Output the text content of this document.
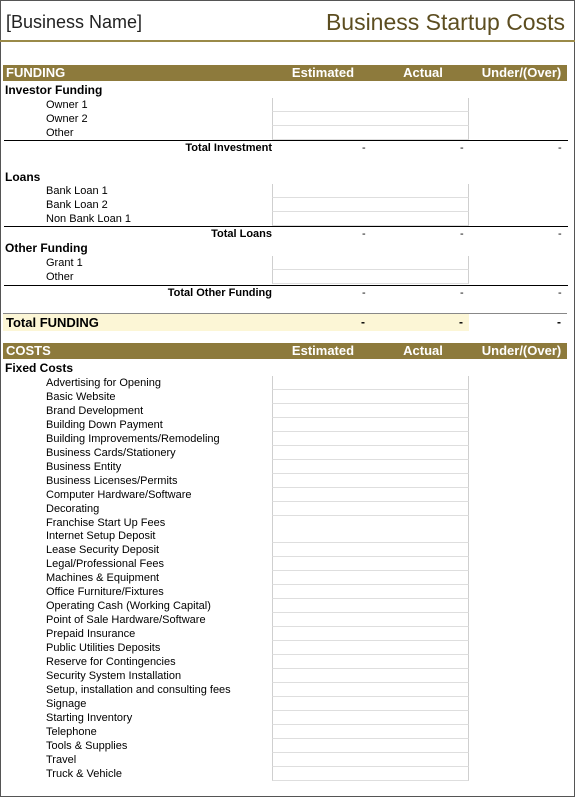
[Business Name]	Business Startup Costs
FUNDING	Estimated	Actual	Under/(Over)
Investor Funding
Owner 1
Owner 2
Other
Total Investment	-	-	-
Loans
Bank Loan 1
Bank Loan 2
Non Bank Loan 1
Total Loans	-	-	-
Other Funding
Grant 1
Other
Total Other Funding	-	-	-
Total FUNDING	-	-	-
COSTS	Estimated	Actual	Under/(Over)
Fixed Costs
Advertising for Opening
Basic Website
Brand Development
Building Down Payment
Building Improvements/Remodeling
Business Cards/Stationery
Business Entity
Business Licenses/Permits
Computer Hardware/Software
Decorating
Franchise Start Up Fees
Internet Setup Deposit
Lease Security Deposit
Legal/Professional Fees
Machines & Equipment
Office Furniture/Fixtures
Operating Cash (Working Capital)
Point of Sale Hardware/Software
Prepaid Insurance
Public Utilities Deposits
Reserve for Contingencies
Security System Installation
Setup, installation and consulting fees
Signage
Starting Inventory
Telephone
Tools & Supplies
Travel
Truck & Vehicle
